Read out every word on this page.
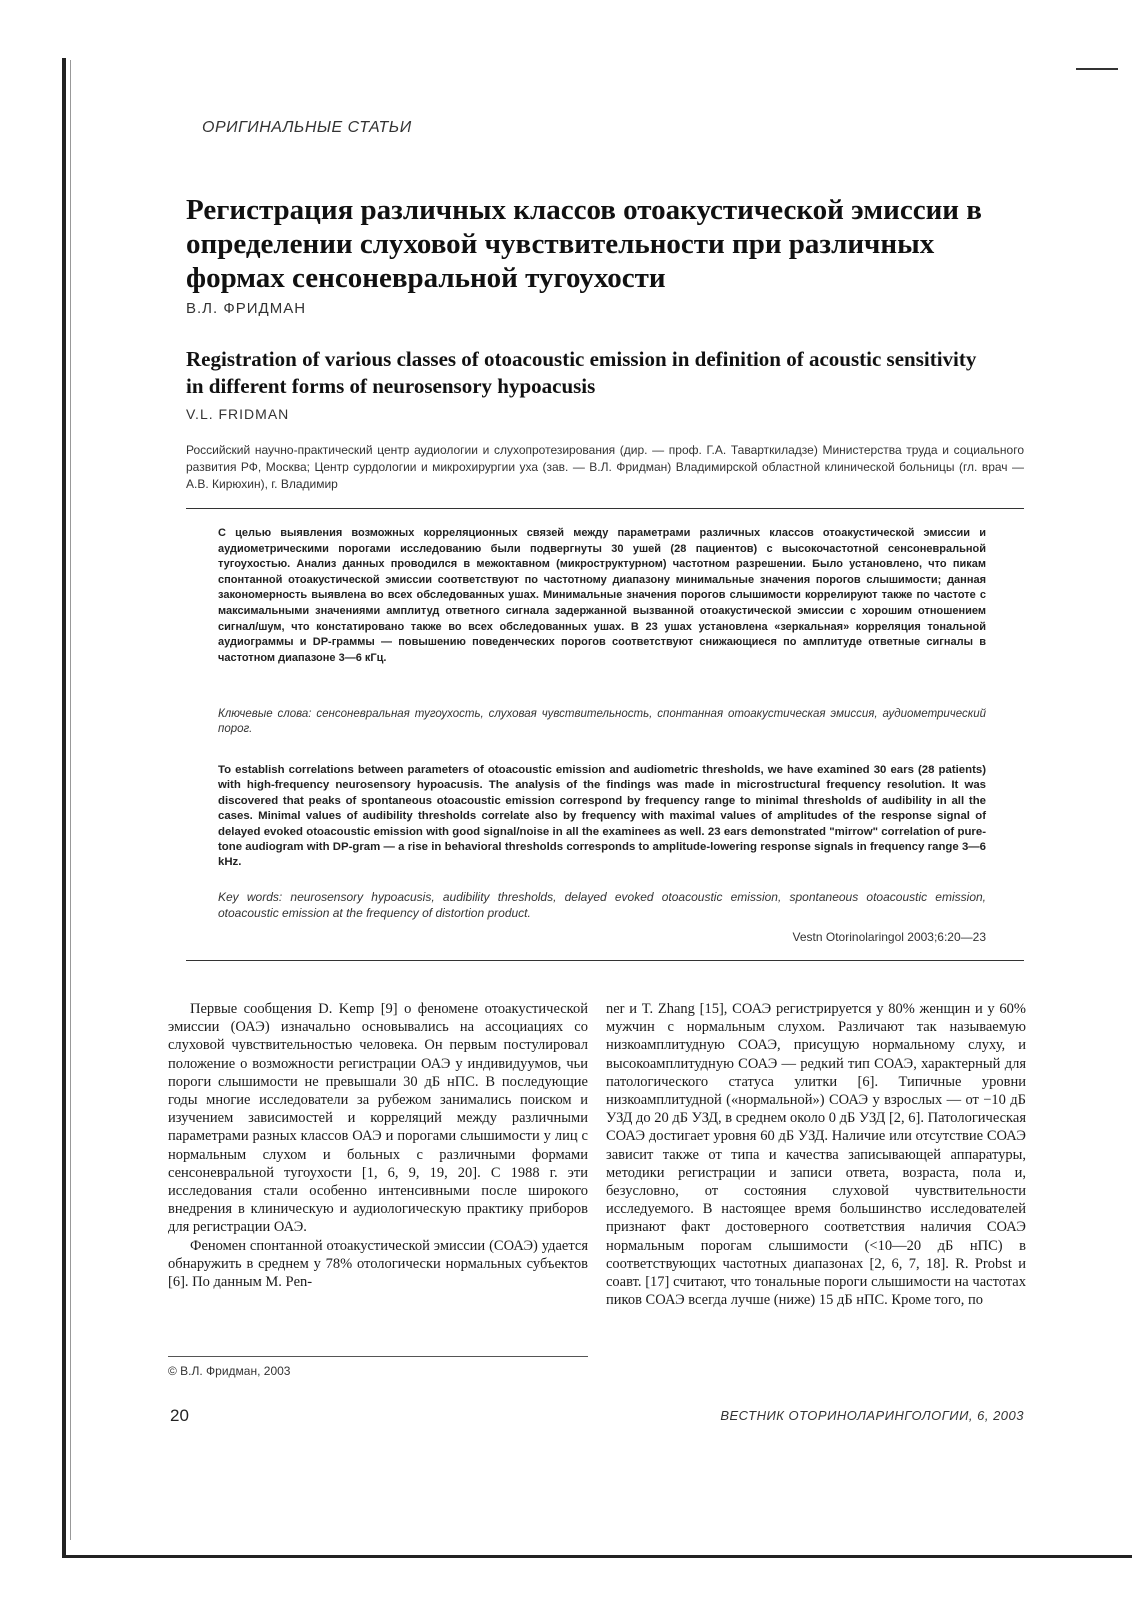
ОРИГИНАЛЬНЫЕ СТАТЬИ
Регистрация различных классов отоакустической эмиссии в определении слуховой чувствительности при различных формах сенсоневральной тугоухости
В.Л. ФРИДМАН
Registration of various classes of otoacoustic emission in definition of acoustic sensitivity in different forms of neurosensory hypoacusis
V.L. FRIDMAN
Российский научно-практический центр аудиологии и слухопротезирования (дир. — проф. Г.А. Таварткиладзе) Министерства труда и социального развития РФ, Москва; Центр сурдологии и микрохирургии уха (зав. — В.Л. Фридман) Владимирской областной клинической больницы (гл. врач — А.В. Кирюхин), г. Владимир
С целью выявления возможных корреляционных связей между параметрами различных классов отоакустической эмиссии и аудиометрическими порогами исследованию были подвергнуты 30 ушей (28 пациентов) с высокочастотной сенсоневральной тугоухостью. Анализ данных проводился в межоктавном (микроструктурном) частотном разрешении. Было установлено, что пикам спонтанной отоакустической эмиссии соответствуют по частотному диапазону минимальные значения порогов слышимости; данная закономерность выявлена во всех обследованных ушах. Минимальные значения порогов слышимости коррелируют также по частоте с максимальными значениями амплитуд ответного сигнала задержанной вызванной отоакустической эмиссии с хорошим отношением сигнал/шум, что констатировано также во всех обследованных ушах. В 23 ушах установлена «зеркальная» корреляция тональной аудиограммы и DP-граммы — повышению поведенческих порогов соответствуют снижающиеся по амплитуде ответные сигналы в частотном диапазоне 3—6 кГц.
Ключевые слова: сенсоневральная тугоухость, слуховая чувствительность, спонтанная отоакустическая эмиссия, аудиометрический порог.
To establish correlations between parameters of otoacoustic emission and audiometric thresholds, we have examined 30 ears (28 patients) with high-frequency neurosensory hypoacusis. The analysis of the findings was made in microstructural frequency resolution. It was discovered that peaks of spontaneous otoacoustic emission correspond by frequency range to minimal thresholds of audibility in all the cases. Minimal values of audibility thresholds correlate also by frequency with maximal values of amplitudes of the response signal of delayed evoked otoacoustic emission with good signal/noise in all the examinees as well. 23 ears demonstrated "mirrow" correlation of pure-tone audiogram with DP-gram — a rise in behavioral thresholds corresponds to amplitude-lowering response signals in frequency range 3—6 kHz.
Key words: neurosensory hypoacusis, audibility thresholds, delayed evoked otoacoustic emission, spontaneous otoacoustic emission, otoacoustic emission at the frequency of distortion product.
Vestn Otorinolaringol 2003;6:20—23

Первые сообщения D. Kemp [9] о феномене отоакустической эмиссии (ОАЭ) изначально основывались на ассоциациях со слуховой чувствительностью человека. Он первым постулировал положение о возможности регистрации ОАЭ у индивидуумов, чьи пороги слышимости не превышали 30 дБ нПС. В последующие годы многие исследователи за рубежом занимались поиском и изучением зависимостей и корреляций между различными параметрами разных классов ОАЭ и порогами слышимости у лиц с нормальным слухом и больных с различными формами сенсоневральной тугоухости [1, 6, 9, 19, 20]. С 1988 г. эти исследования стали особенно интенсивными после широкого внедрения в клиническую и аудиологическую практику приборов для регистрации ОАЭ.

Феномен спонтанной отоакустической эмиссии (СОАЭ) удается обнаружить в среднем у 78% отологически нормальных субъектов [6]. По данным M. Pen-

ner и T. Zhang [15], СОАЭ регистрируется у 80% женщин и у 60% мужчин с нормальным слухом. Различают так называемую низкоамплитудную СОАЭ, присущую нормальному слуху, и высокоамплитудную СОАЭ — редкий тип СОАЭ, характерный для патологического статуса улитки [6]. Типичные уровни низкоамплитудной («нормальной») СОАЭ у взрослых — от −10 дБ УЗД до 20 дБ УЗД, в среднем около 0 дБ УЗД [2, 6]. Патологическая СОАЭ достигает уровня 60 дБ УЗД. Наличие или отсутствие СОАЭ зависит также от типа и качества записывающей аппаратуры, методики регистрации и записи ответа, возраста, пола и, безусловно, от состояния слуховой чувствительности исследуемого. В настоящее время большинство исследователей признают факт достоверного соответствия наличия СОАЭ нормальным порогам слышимости (<10—20 дБ нПС) в соответствующих частотных диапазонах [2, 6, 7, 18]. R. Probst и соавт. [17] считают, что тональные пороги слышимости на частотах пиков СОАЭ всегда лучше (ниже) 15 дБ нПС. Кроме того, по

© В.Л. Фридман, 2003
20	ВЕСТНИК ОТОРИНОЛАРИНГОЛОГИИ, 6, 2003
